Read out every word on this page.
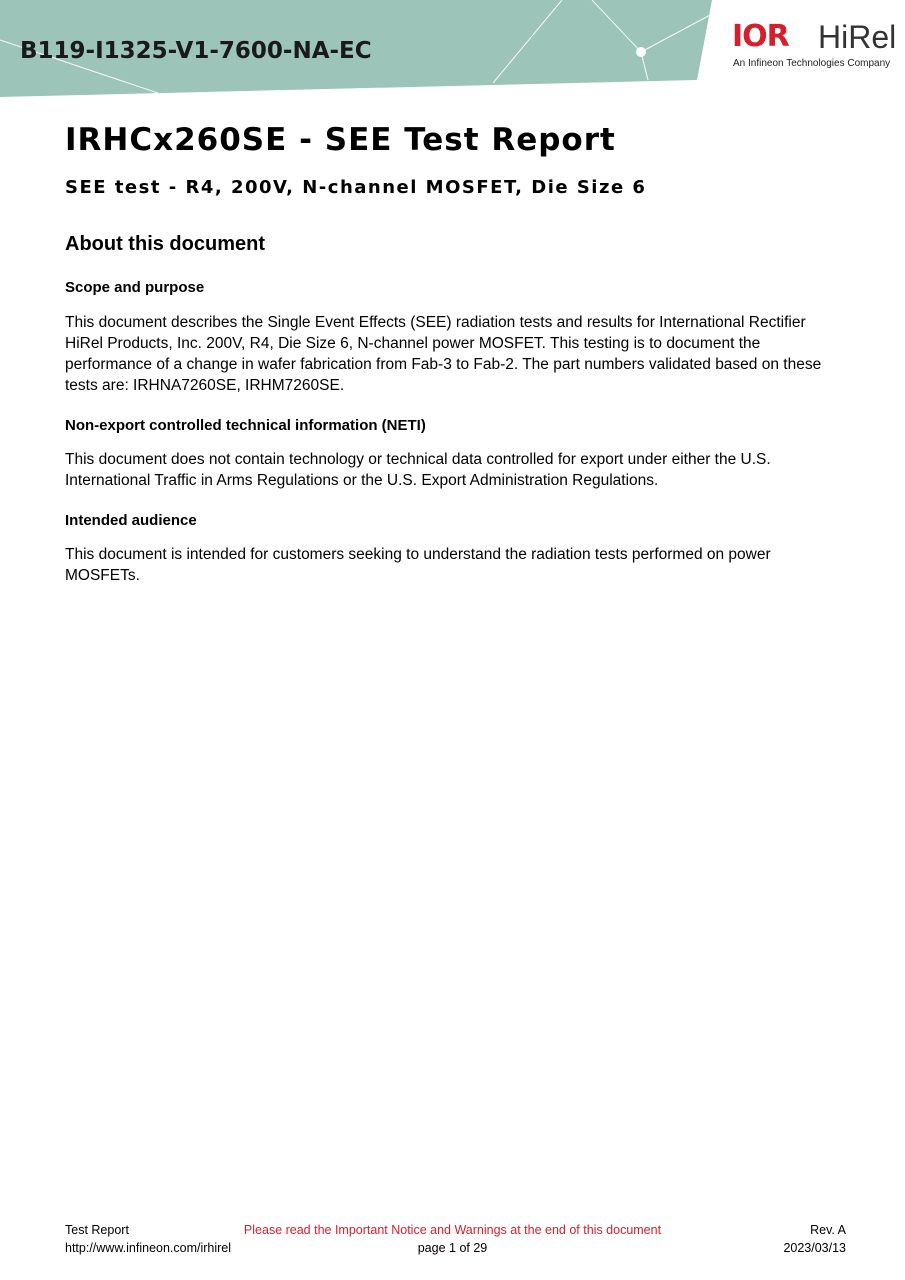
B119-I1325-V1-7600-NA-EC	IOR HiRel
An Infineon Technologies Company
IRHCx260SE - SEE Test Report
SEE test - R4, 200V, N-channel MOSFET, Die Size 6
About this document
Scope and purpose

This document describes the Single Event Effects (SEE) radiation tests and results for International Rectifier HiRel Products, Inc. 200V, R4, Die Size 6, N-channel power MOSFET. This testing is to document the performance of a change in wafer fabrication from Fab-3 to Fab-2. The part numbers validated based on these tests are: IRHNA7260SE, IRHM7260SE.

Non-export controlled technical information (NETI)

This document does not contain technology or technical data controlled for export under either the U.S. International Traffic in Arms Regulations or the U.S. Export Administration Regulations.

Intended audience

This document is intended for customers seeking to understand the radiation tests performed on power MOSFETs.

Test Report
http://www.infineon.com/irhirel
Please read the Important Notice and Warnings at the end of this document
page 1 of 29
Rev. A
2023/03/13
